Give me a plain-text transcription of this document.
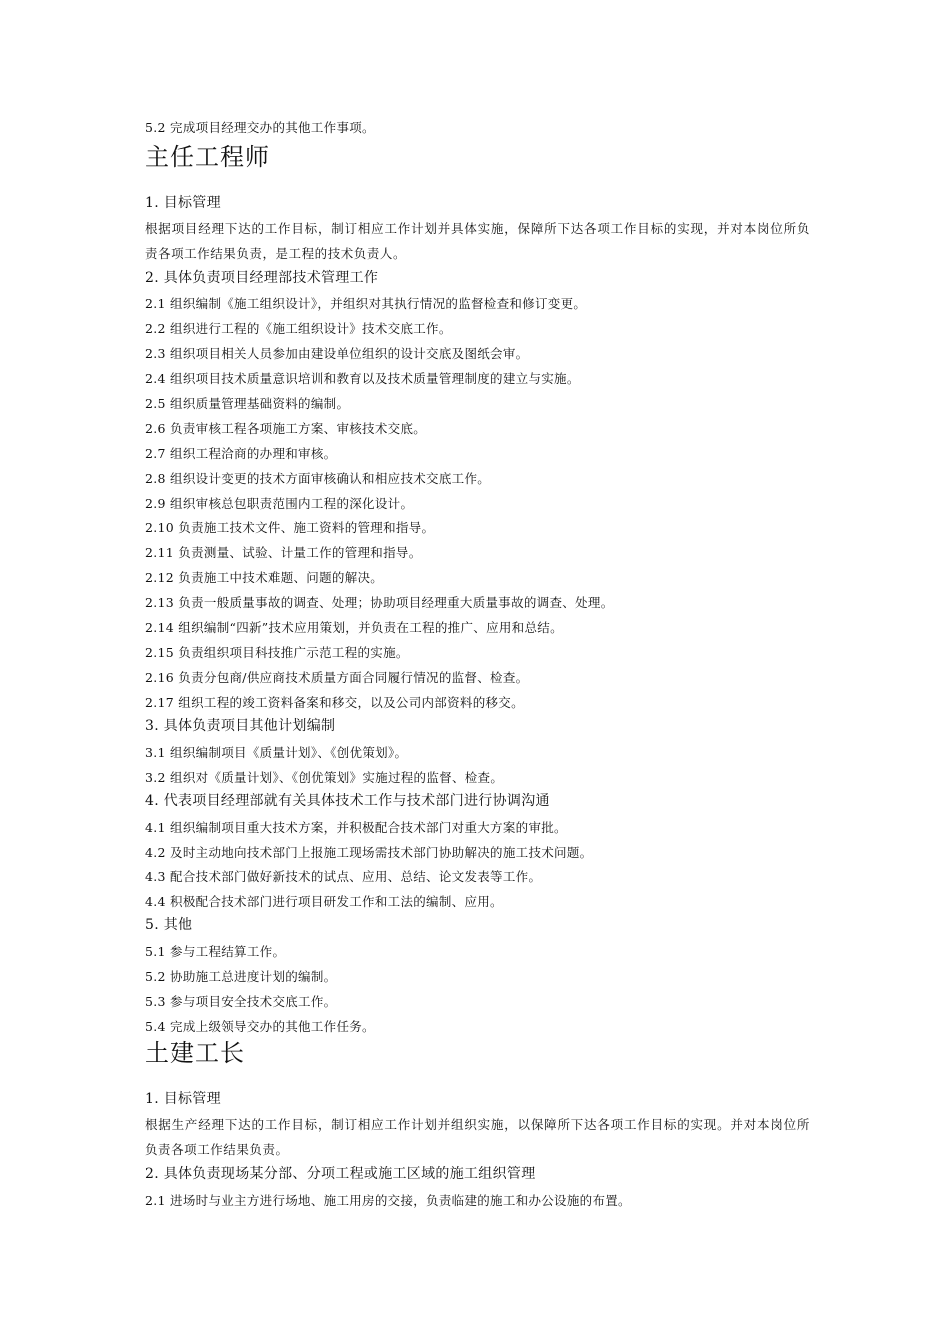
5.2 完成项目经理交办的其他工作事项。
主任工程师
1. 目标管理
根据项目经理下达的工作目标，制订相应工作计划并具体实施，保障所下达各项工作目标的实现，并对本岗位所负责各项工作结果负责，是工程的技术负责人。
2. 具体负责项目经理部技术管理工作
2.1 组织编制《施工组织设计》，并组织对其执行情况的监督检查和修订变更。
2.2 组织进行工程的《施工组织设计》技术交底工作。
2.3 组织项目相关人员参加由建设单位组织的设计交底及图纸会审。
2.4 组织项目技术质量意识培训和教育以及技术质量管理制度的建立与实施。
2.5 组织质量管理基础资料的编制。
2.6 负责审核工程各项施工方案、审核技术交底。
2.7 组织工程洽商的办理和审核。
2.8 组织设计变更的技术方面审核确认和相应技术交底工作。
2.9 组织审核总包职责范围内工程的深化设计。
2.10 负责施工技术文件、施工资料的管理和指导。
2.11 负责测量、试验、计量工作的管理和指导。
2.12 负责施工中技术难题、问题的解决。
2.13 负责一般质量事故的调查、处理；协助项目经理重大质量事故的调查、处理。
2.14 组织编制“四新”技术应用策划，并负责在工程的推广、应用和总结。
2.15 负责组织项目科技推广示范工程的实施。
2.16 负责分包商/供应商技术质量方面合同履行情况的监督、检查。
2.17 组织工程的竣工资料备案和移交，以及公司内部资料的移交。
3. 具体负责项目其他计划编制
3.1 组织编制项目《质量计划》、《创优策划》。
3.2 组织对《质量计划》、《创优策划》实施过程的监督、检查。
4. 代表项目经理部就有关具体技术工作与技术部门进行协调沟通
4.1 组织编制项目重大技术方案，并积极配合技术部门对重大方案的审批。
4.2 及时主动地向技术部门上报施工现场需技术部门协助解决的施工技术问题。
4.3 配合技术部门做好新技术的试点、应用、总结、论文发表等工作。
4.4 积极配合技术部门进行项目研发工作和工法的编制、应用。
5. 其他
5.1 参与工程结算工作。
5.2 协助施工总进度计划的编制。
5.3 参与项目安全技术交底工作。
5.4 完成上级领导交办的其他工作任务。
土建工长
1. 目标管理
根据生产经理下达的工作目标，制订相应工作计划并组织实施，以保障所下达各项工作目标的实现。并对本岗位所负责各项工作结果负责。
2. 具体负责现场某分部、分项工程或施工区域的施工组织管理
2.1 进场时与业主方进行场地、施工用房的交接，负责临建的施工和办公设施的布置。
